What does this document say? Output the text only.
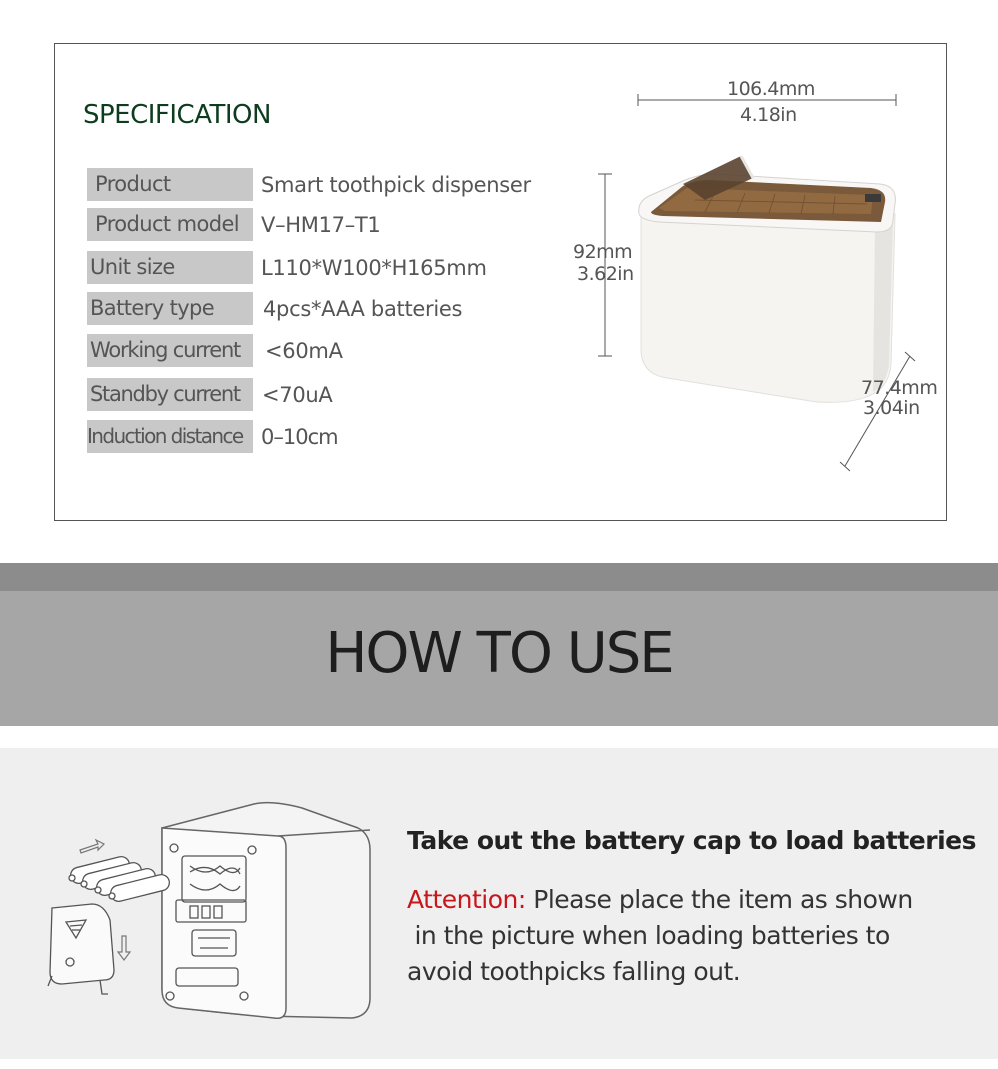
SPECIFICATION
Product	Smart toothpick dispenser
Product model	V–HM17–T1
Unit size	L110*W100*H165mm
Battery type	4pcs*AAA batteries
Working current	<60mA
Standby current	<70uA
Induction distance 0–10cm
106.4mm
4.18in
92mm
3.62in
77.4mm
3.04in
HOW TO USE
Take out the battery cap to load batteries
Attention: Please place the item as shown
in the picture when loading batteries to
avoid toothpicks falling out.
